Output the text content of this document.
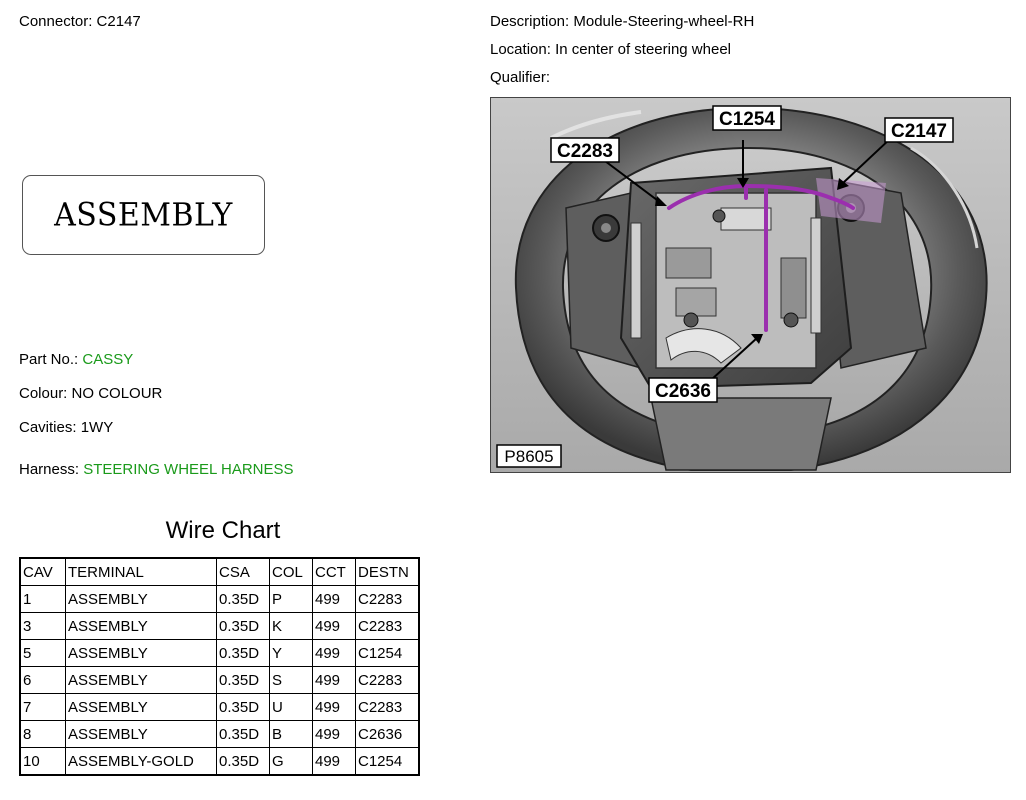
Connector: C2147	Description: Module-Steering-wheel-RH
Location: In center of steering wheel
Qualifier:
ASSEMBLY
Part No.: CASSY
Colour: NO COLOUR
Cavities: 1WY
Harness: STEERING WHEEL HARNESS
Wire Chart
CAV	TERMINAL	CSA	COL	CCT	DESTN
1	ASSEMBLY	0.35D	P	499	C2283
3	ASSEMBLY	0.35D	K	499	C2283
5	ASSEMBLY	0.35D	Y	499	C1254
6	ASSEMBLY	0.35D	S	499	C2283
7	ASSEMBLY	0.35D	U	499	C2283
8	ASSEMBLY	0.35D	B	499	C2636
10	ASSEMBLY-GOLD	0.35D	G	499	C1254
C1254
C2283
C2147
C2636
P8605
